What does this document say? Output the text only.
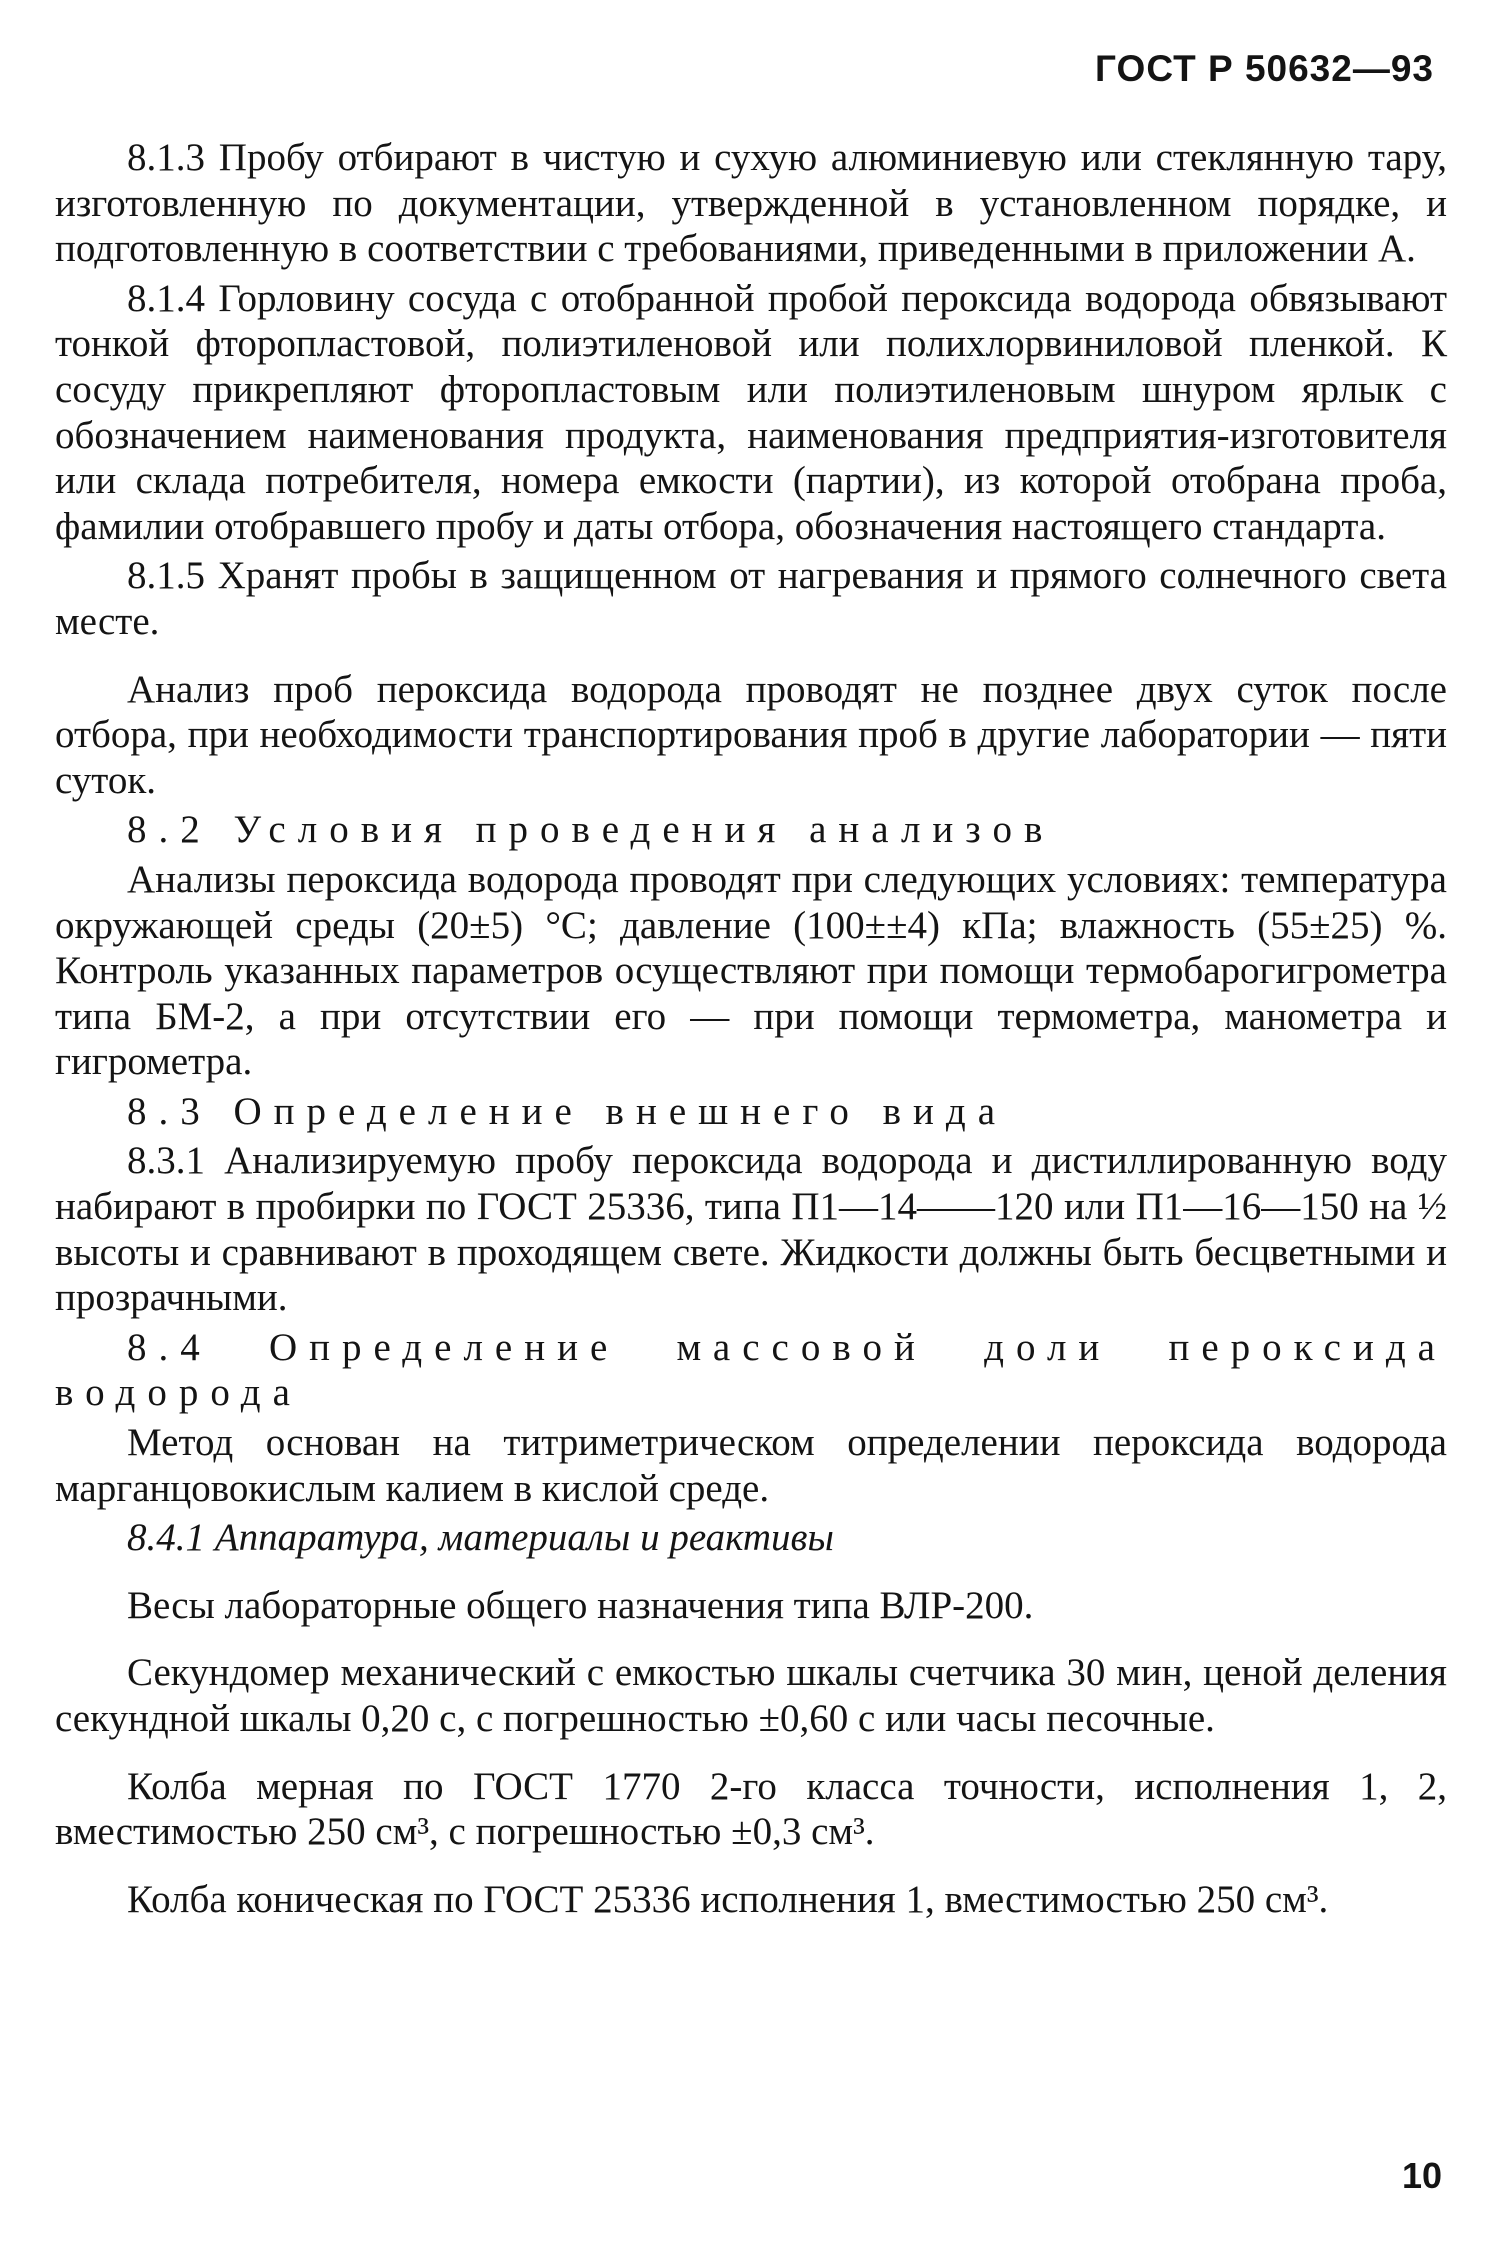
ГОСТ Р 50632—93

8.1.3 Пробу отбирают в чистую и сухую алюминиевую или стеклянную тару, изготовленную по документации, утвержденной в установленном порядке, и подготовленную в соответствии с требованиями, приведенными в приложении А.

8.1.4 Горловину сосуда с отобранной пробой пероксида водорода обвязывают тонкой фторопластовой, полиэтиленовой или полихлорвиниловой пленкой. К сосуду прикрепляют фторопластовым или полиэтиленовым шнуром ярлык с обозначением наименования продукта, наименования предприятия-изготовителя или склада потребителя, номера емкости (партии), из которой отобрана проба, фамилии отобравшего пробу и даты отбора, обозначения настоящего стандарта.

8.1.5 Хранят пробы в защищенном от нагревания и прямого солнечного света месте.

Анализ проб пероксида водорода проводят не позднее двух суток после отбора, при необходимости транспортирования проб в другие лаборатории — пяти суток.

8.2 Условия проведения анализов

Анализы пероксида водорода проводят при следующих условиях: температура окружающей среды (20±5) °С; давление (100±±4) кПа; влажность (55±25) %. Контроль указанных параметров осуществляют при помощи термобарогигрометра типа БМ-2, а при отсутствии его — при помощи термометра, манометра и гигрометра.

8.3 Определение внешнего вида

8.3.1 Анализируемую пробу пероксида водорода и дистиллированную воду набирают в пробирки по ГОСТ 25336, типа П1—14——120 или П1—16—150 на ½ высоты и сравнивают в проходящем свете. Жидкости должны быть бесцветными и прозрачными.

8.4 Определение массовой доли пероксида водорода

Метод основан на титриметрическом определении пероксида водорода марганцовокислым калием в кислой среде.

8.4.1 Аппаратура, материалы и реактивы

Весы лабораторные общего назначения типа ВЛР-200.

Секундомер механический с емкостью шкалы счетчика 30 мин, ценой деления секундной шкалы 0,20 с, с погрешностью ±0,60 с или часы песочные.

Колба мерная по ГОСТ 1770 2-го класса точности, исполнения 1, 2, вместимостью 250 см³, с погрешностью ±0,3 см³.

Колба коническая по ГОСТ 25336 исполнения 1, вместимостью 250 см³.

10
